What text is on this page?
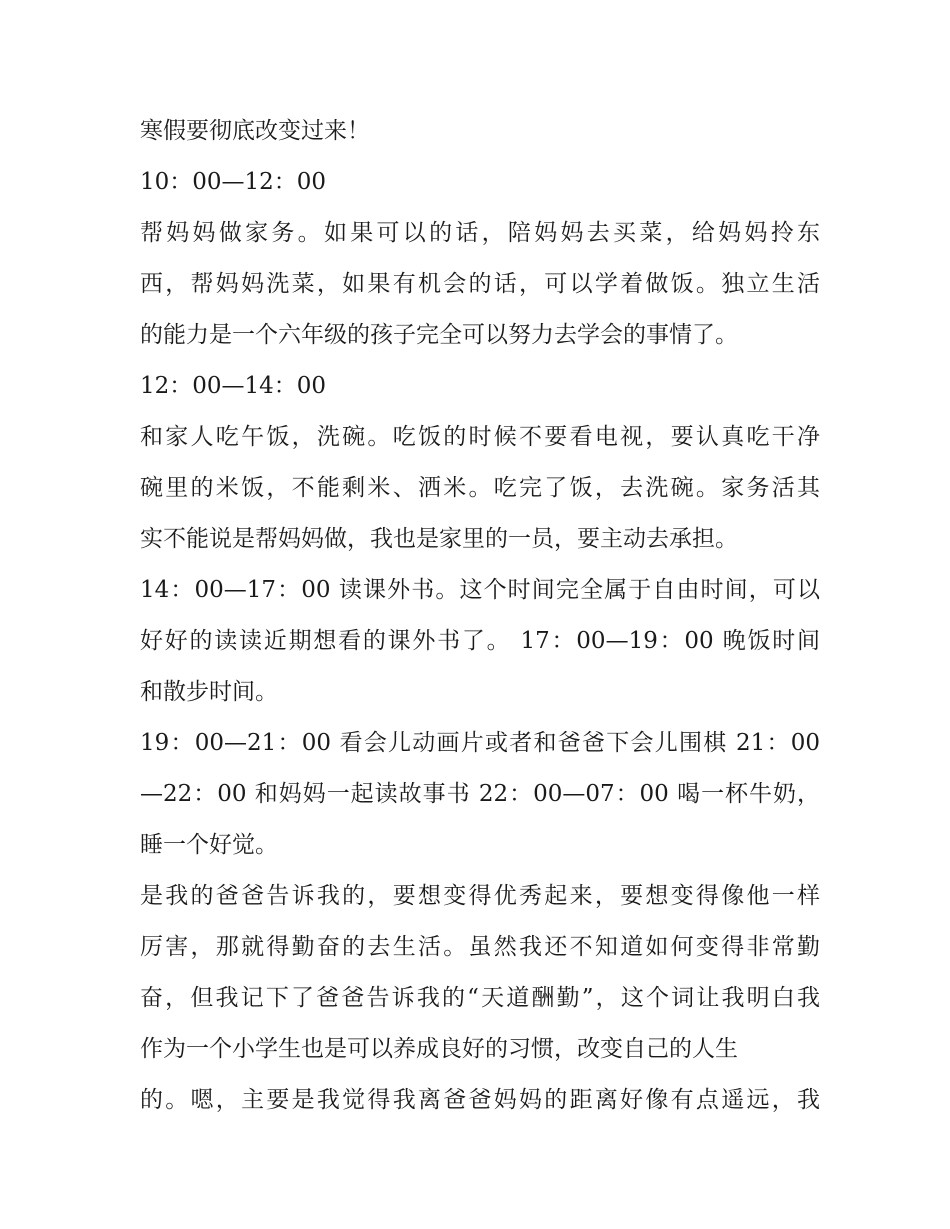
寒假要彻底改变过来！
10：00—12：00
帮妈妈做家务。如果可以的话，陪妈妈去买菜，给妈妈拎东
西，帮妈妈洗菜，如果有机会的话，可以学着做饭。独立生活
的能力是一个六年级的孩子完全可以努力去学会的事情了。
12：00—14：00
和家人吃午饭，洗碗。吃饭的时候不要看电视，要认真吃干净
碗里的米饭，不能剩米、洒米。吃完了饭，去洗碗。家务活其
实不能说是帮妈妈做，我也是家里的一员，要主动去承担。
14：00—17：00 读课外书。这个时间完全属于自由时间，可以
好好的读读近期想看的课外书了。 17：00—19：00 晚饭时间
和散步时间。
19：00—21：00 看会儿动画片或者和爸爸下会儿围棋 21：00
—22：00 和妈妈一起读故事书 22：00—07：00 喝一杯牛奶，
睡一个好觉。
是我的爸爸告诉我的，要想变得优秀起来，要想变得像他一样
厉害，那就得勤奋的去生活。虽然我还不知道如何变得非常勤
奋，但我记下了爸爸告诉我的“天道酬勤”，这个词让我明白我
作为一个小学生也是可以养成良好的习惯，改变自己的人生
的。嗯，主要是我觉得我离爸爸妈妈的距离好像有点遥远，我
